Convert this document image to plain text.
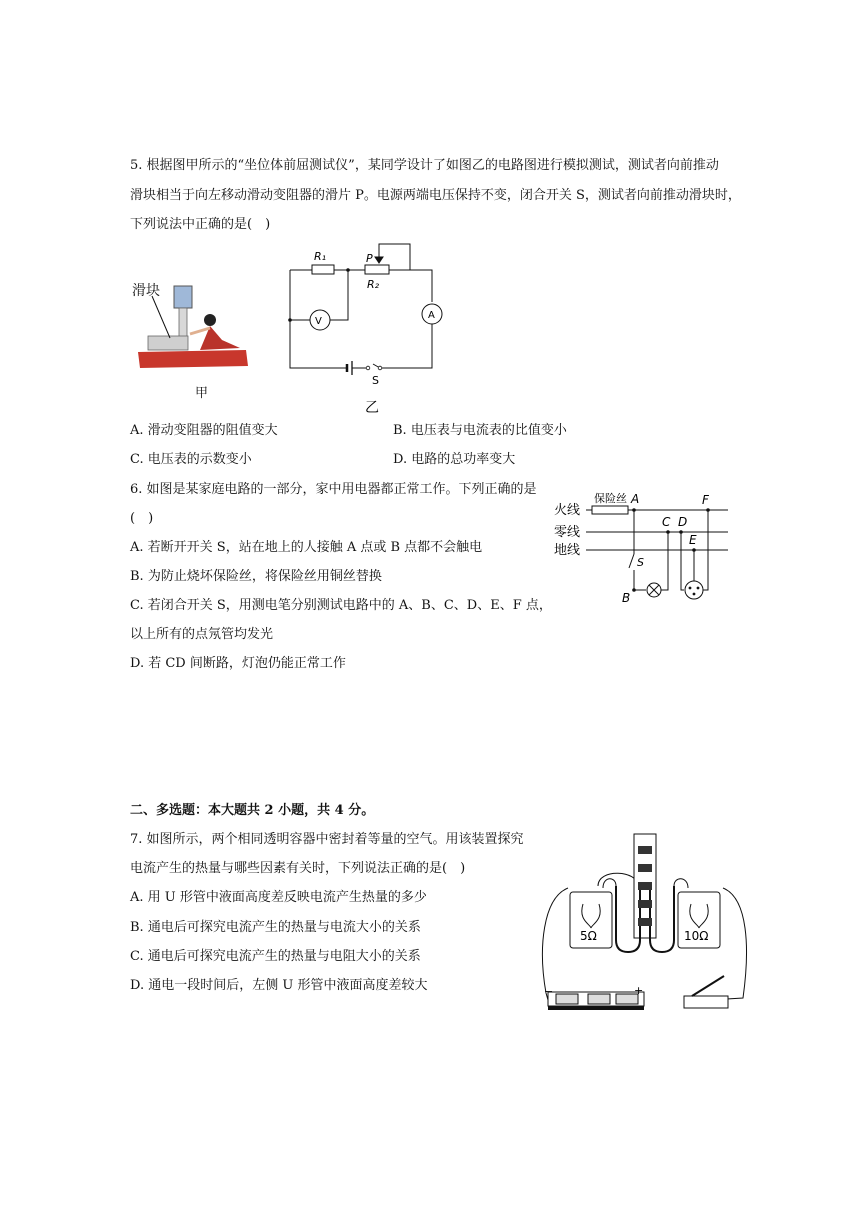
5. 根据图甲所示的“坐位体前屈测试仪”，某同学设计了如图乙的电路图进行模拟测试，测试者向前推动
滑块相当于向左移动滑动变阻器的滑片 P。电源两端电压保持不变，闭合开关 S，测试者向前推动滑块时，
下列说法中正确的是(　)
滑块
甲
R₁	P
R₂
V
A
S
乙
A. 滑动变阻器的阻值变大	B. 电压表与电流表的比值变小
C. 电压表的示数变小	D. 电路的总功率变大
6. 如图是某家庭电路的一部分，家中用电器都正常工作。下列正确的是
(　)
A. 若断开开关 S，站在地上的人接触 A 点或 B 点都不会触电
B. 为防止烧坏保险丝，将保险丝用铜丝替换
C. 若闭合开关 S，用测电笔分别测试电路中的 A、B、C、D、E、F 点，
以上所有的点氖管均发光
D. 若 CD 间断路，灯泡仍能正常工作
火线
零线
地线
保险丝 A
B
C D
E
F
S
二、多选题：本大题共 2 小题，共 4 分。
7. 如图所示，两个相同透明容器中密封着等量的空气。用该装置探究
电流产生的热量与哪些因素有关时，下列说法正确的是(　)
A. 用 U 形管中液面高度差反映电流产生热量的多少
B. 通电后可探究电流产生的热量与电流大小的关系
C. 通电后可探究电流产生的热量与电阻大小的关系
D. 通电一段时间后，左侧 U 形管中液面高度差较大
5Ω	10Ω
−	+
